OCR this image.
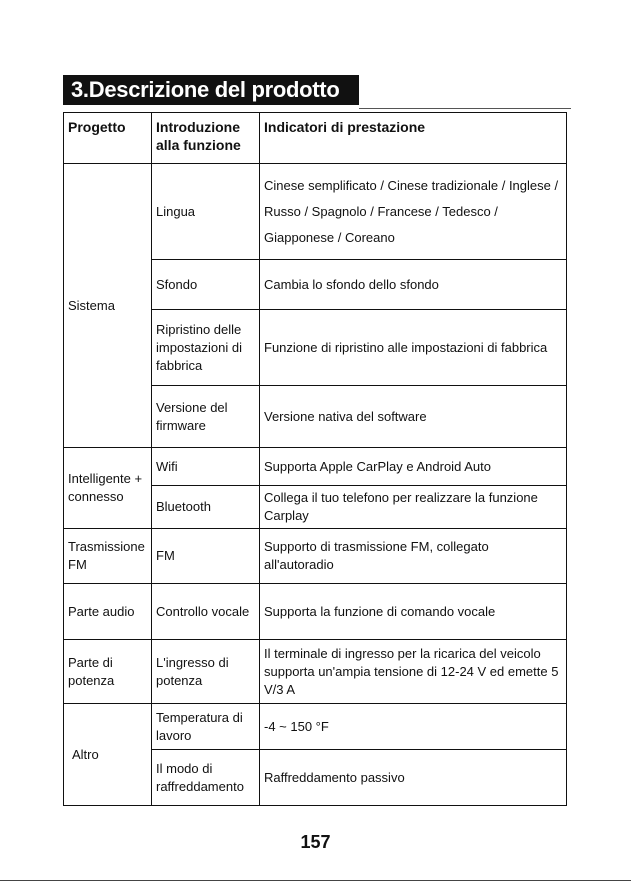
3.Descrizione del prodotto
Progetto	Introduzione alla funzione	Indicatori di prestazione
Sistema	Lingua	Cinese semplificato / Cinese tradizionale / Inglese / Russo / Spagnolo / Francese / Tedesco / Giapponese / Coreano
	Sfondo	Cambia lo sfondo dello sfondo
	Ripristino delle impostazioni di fabbrica	Funzione di ripristino alle impostazioni di fabbrica
	Versione del firmware	Versione nativa del software
Intelligente + connesso	Wifi	Supporta Apple CarPlay e Android Auto
	Bluetooth	Collega il tuo telefono per realizzare la funzione Carplay
Trasmissione FM	FM	Supporto di trasmissione FM, collegato all'autoradio
Parte audio	Controllo vocale	Supporta la funzione di comando vocale
Parte di potenza	L'ingresso di potenza	Il terminale di ingresso per la ricarica del veicolo supporta un'ampia tensione di 12-24 V ed emette 5 V/3 A
Altro	Temperatura di lavoro	-4 ~ 150 °F
	Il modo di raffreddamento	Raffreddamento passivo
157
